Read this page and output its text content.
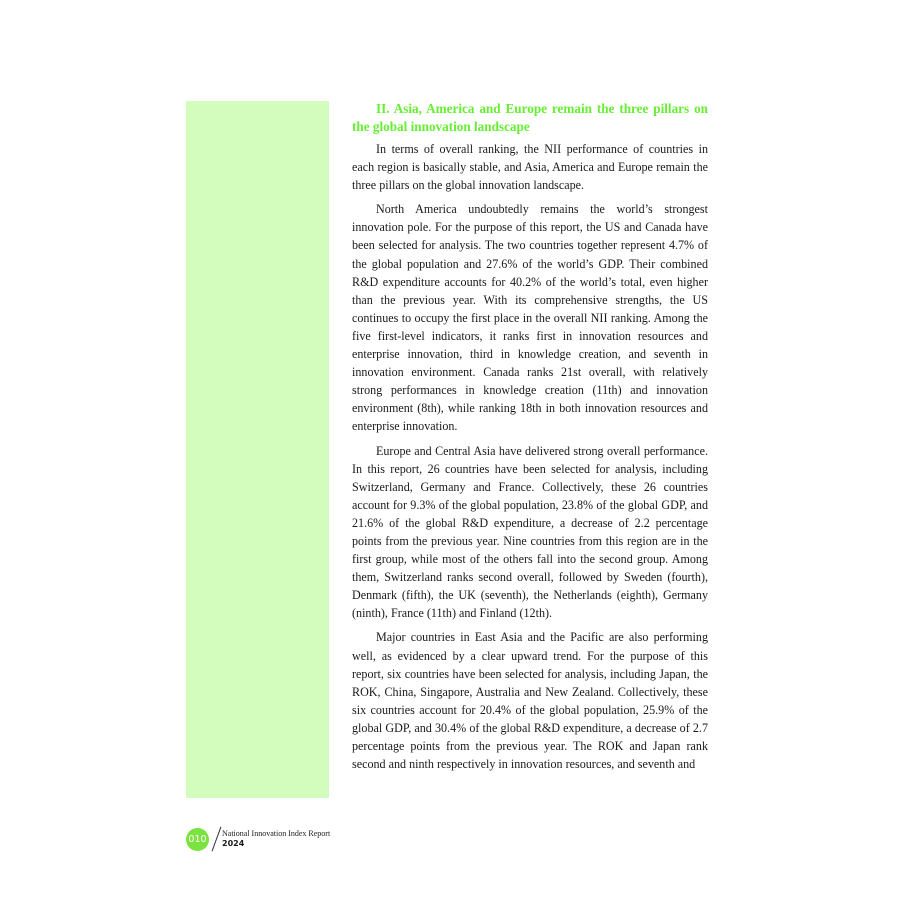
II. Asia, America and Europe remain the three pillars on the global innovation landscape

In terms of overall ranking, the NII performance of countries in each region is basically stable, and Asia, America and Europe remain the three pillars on the global innovation landscape.

North America undoubtedly remains the world’s strongest innovation pole. For the purpose of this report, the US and Canada have been selected for analysis. The two countries together represent 4.7% of the global population and 27.6% of the world’s GDP. Their combined R&D expenditure accounts for 40.2% of the world’s total, even higher than the previous year. With its comprehensive strengths, the US continues to occupy the first place in the overall NII ranking. Among the five first-level indicators, it ranks first in innovation resources and enterprise innovation, third in knowledge creation, and seventh in innovation environment. Canada ranks 21st overall, with relatively strong performances in knowledge creation (11th) and innovation environment (8th), while ranking 18th in both innovation resources and enterprise innovation.

Europe and Central Asia have delivered strong overall performance. In this report, 26 countries have been selected for analysis, including Switzerland, Germany and France. Collectively, these 26 countries account for 9.3% of the global population, 23.8% of the global GDP, and 21.6% of the global R&D expenditure, a decrease of 2.2 percentage points from the previous year. Nine countries from this region are in the first group, while most of the others fall into the second group. Among them, Switzerland ranks second overall, followed by Sweden (fourth), Denmark (fifth), the UK (seventh), the Netherlands (eighth), Germany (ninth), France (11th) and Finland (12th).

Major countries in East Asia and the Pacific are also performing well, as evidenced by a clear upward trend. For the purpose of this report, six countries have been selected for analysis, including Japan, the ROK, China, Singapore, Australia and New Zealand. Collectively, these six countries account for 20.4% of the global population, 25.9% of the global GDP, and 30.4% of the global R&D expenditure, a decrease of 2.7 percentage points from the previous year. The ROK and Japan rank second and ninth respectively in innovation resources, and seventh and

010	National Innovation Index Report
2024
